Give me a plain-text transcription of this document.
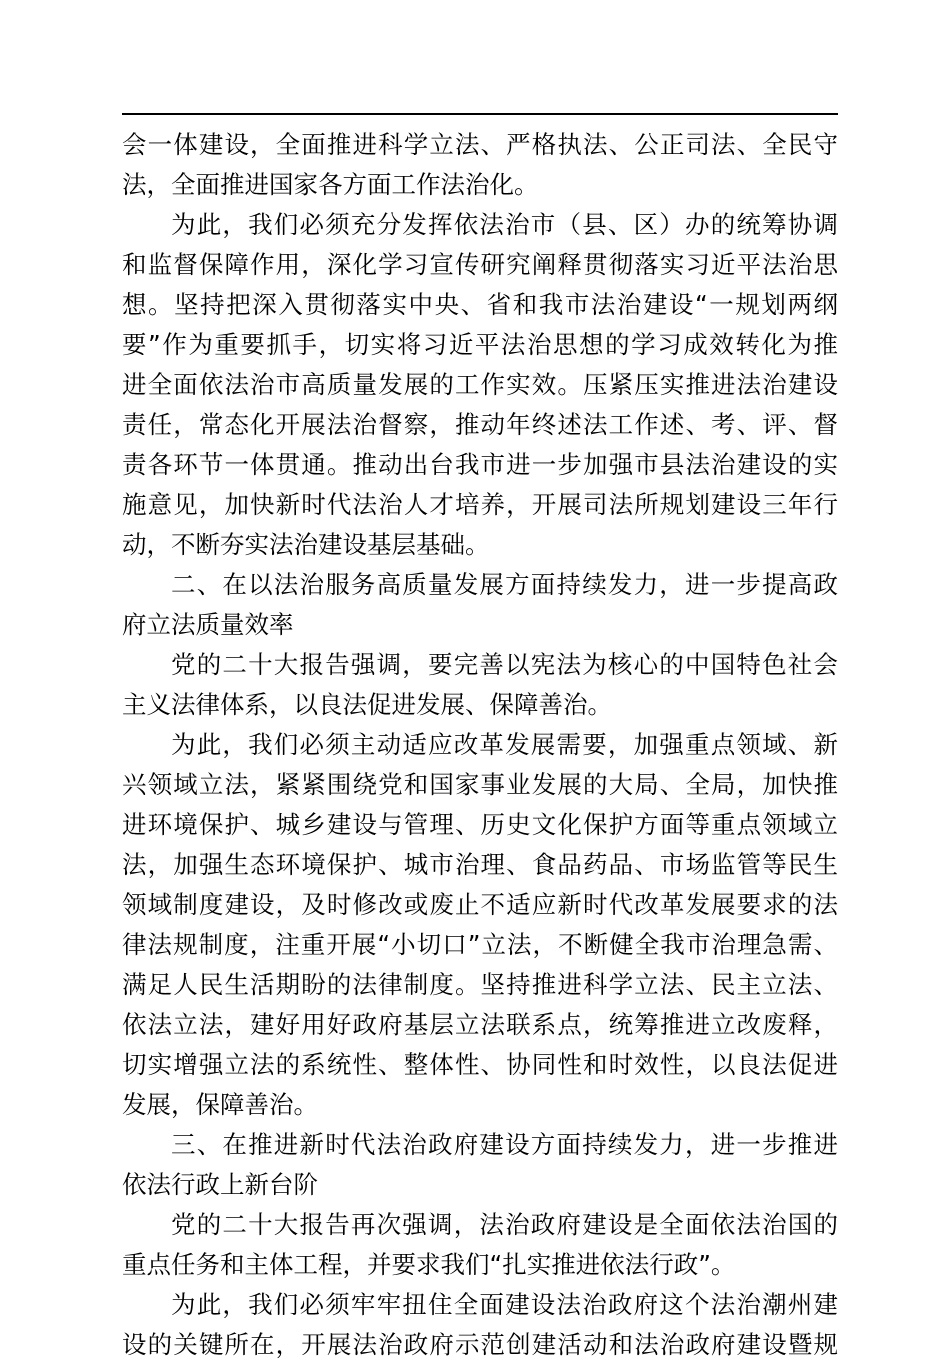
会一体建设，全面推进科学立法、严格执法、公正司法、全民守
法，全面推进国家各方面工作法治化。
为此，我们必须充分发挥依法治市（县、区）办的统筹协调
和监督保障作用，深化学习宣传研究阐释贯彻落实习近平法治思
想。坚持把深入贯彻落实中央、省和我市法治建设“一规划两纲
要”作为重要抓手，切实将习近平法治思想的学习成效转化为推
进全面依法治市高质量发展的工作实效。压紧压实推进法治建设
责任，常态化开展法治督察，推动年终述法工作述、考、评、督
责各环节一体贯通。推动出台我市进一步加强市县法治建设的实
施意见，加快新时代法治人才培养，开展司法所规划建设三年行
动，不断夯实法治建设基层基础。
二、在以法治服务高质量发展方面持续发力，进一步提高政
府立法质量效率
党的二十大报告强调，要完善以宪法为核心的中国特色社会
主义法律体系，以良法促进发展、保障善治。
为此，我们必须主动适应改革发展需要，加强重点领域、新
兴领域立法，紧紧围绕党和国家事业发展的大局、全局，加快推
进环境保护、城乡建设与管理、历史文化保护方面等重点领域立
法，加强生态环境保护、城市治理、食品药品、市场监管等民生
领域制度建设，及时修改或废止不适应新时代改革发展要求的法
律法规制度，注重开展“小切口”立法，不断健全我市治理急需、
满足人民生活期盼的法律制度。坚持推进科学立法、民主立法、
依法立法，建好用好政府基层立法联系点，统筹推进立改废释，
切实增强立法的系统性、整体性、协同性和时效性，以良法促进
发展，保障善治。
三、在推进新时代法治政府建设方面持续发力，进一步推进
依法行政上新台阶
党的二十大报告再次强调，法治政府建设是全面依法治国的
重点任务和主体工程，并要求我们“扎实推进依法行政”。
为此，我们必须牢牢扭住全面建设法治政府这个法治潮州建
设的关键所在，开展法治政府示范创建活动和法治政府建设暨规
